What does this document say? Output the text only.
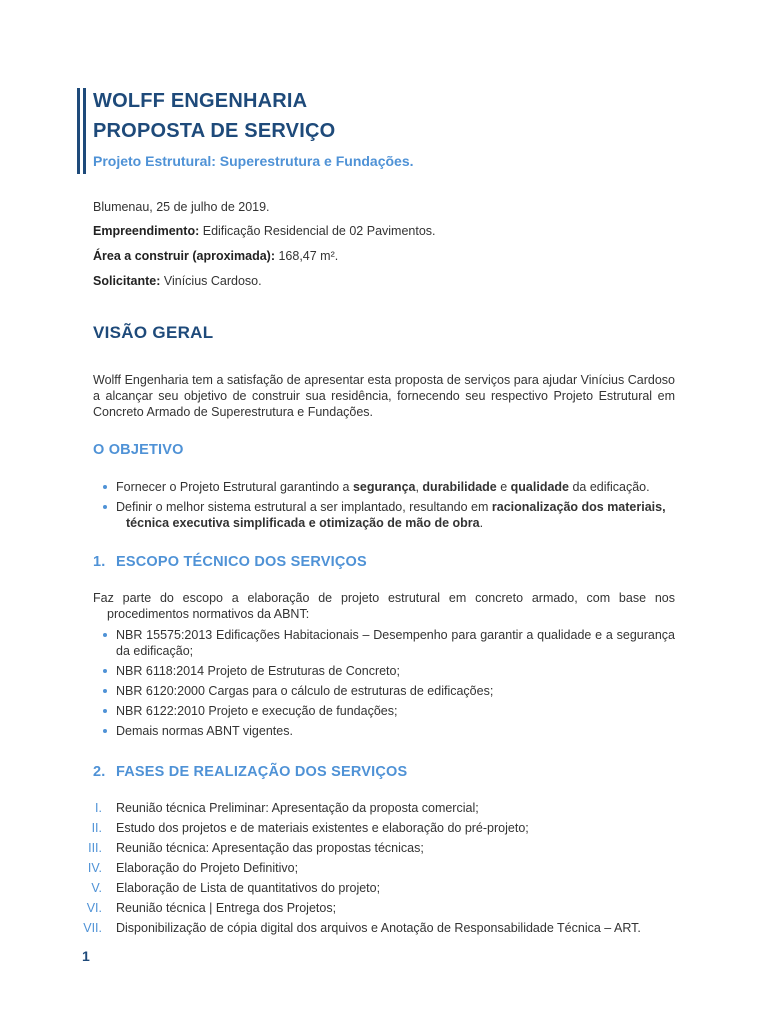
WOLFF ENGENHARIA
PROPOSTA DE SERVIÇO

Projeto Estrutural: Superestrutura e Fundações.

Blumenau, 25 de julho de 2019.

Empreendimento: Edificação Residencial de 02 Pavimentos.

Área a construir (aproximada): 168,47 m².

Solicitante: Vinícius Cardoso.

VISÃO GERAL

Wolff Engenharia tem a satisfação de apresentar esta proposta de serviços para ajudar Vinícius Cardoso a alcançar seu objetivo de construir sua residência, fornecendo seu respectivo Projeto Estrutural em Concreto Armado de Superestrutura e Fundações.

O OBJETIVO
Fornecer o Projeto Estrutural garantindo a segurança, durabilidade e qualidade da edificação.
Definir o melhor sistema estrutural a ser implantado, resultando em racionalização dos materiais,
técnica executiva simplificada e otimização de mão de obra.
1. ESCOPO TÉCNICO DOS SERVIÇOS

Faz parte do escopo a elaboração de projeto estrutural em concreto armado, com base nos procedimentos normativos da ABNT:

NBR 15575:2013 Edificações Habitacionais – Desempenho para garantir a qualidade e a segurança da edificação;
NBR 6118:2014 Projeto de Estruturas de Concreto;
NBR 6120:2000 Cargas para o cálculo de estruturas de edificações;
NBR 6122:2010 Projeto e execução de fundações;
Demais normas ABNT vigentes.
2. FASES DE REALIZAÇÃO DOS SERVIÇOS
I. Reunião técnica Preliminar: Apresentação da proposta comercial;
II. Estudo dos projetos e de materiais existentes e elaboração do pré-projeto;
III. Reunião técnica: Apresentação das propostas técnicas;
IV. Elaboração do Projeto Definitivo;
V. Elaboração de Lista de quantitativos do projeto;
VI. Reunião técnica | Entrega dos Projetos;
VII. Disponibilização de cópia digital dos arquivos e Anotação de Responsabilidade Técnica – ART.

1
